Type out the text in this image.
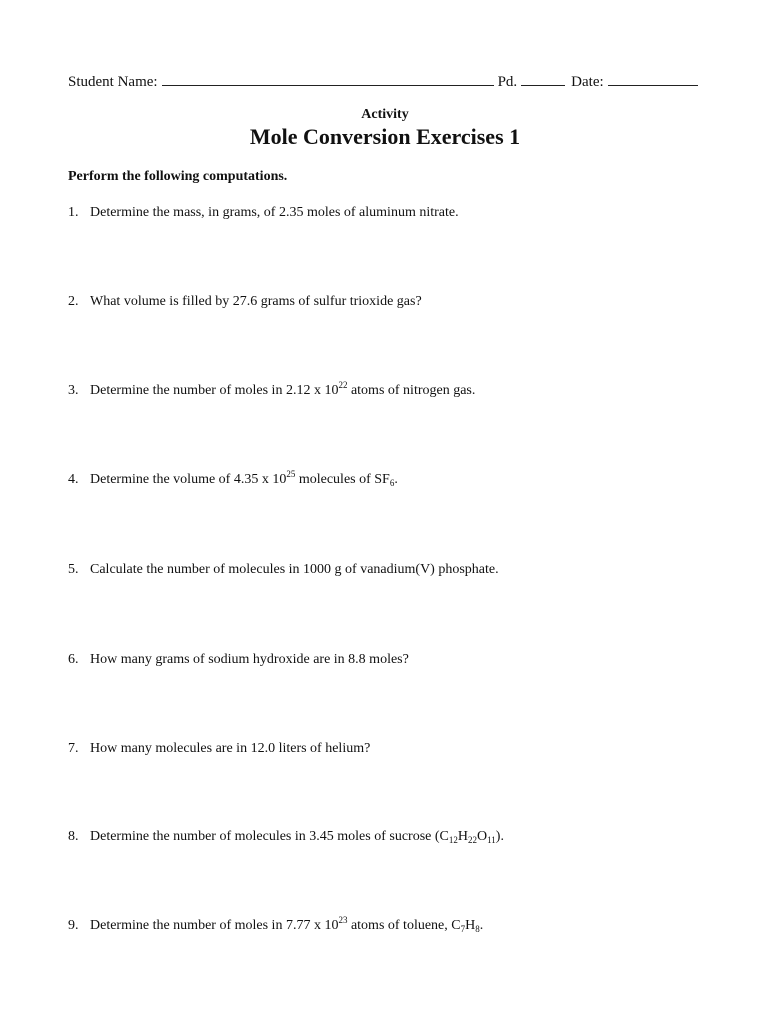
Student Name:	Pd.	Date:
Activity
Mole Conversion Exercises 1
Perform the following computations.
1. Determine the mass, in grams, of 2.35 moles of aluminum nitrate.
2. What volume is filled by 27.6 grams of sulfur trioxide gas?
3. Determine the number of moles in 2.12 x $10^{22}$ atoms of nitrogen gas.
4. Determine the volume of 4.35 x $10^{25}$ molecules of $SF_6$.
5. Calculate the number of molecules in 1000 g of vanadium(V) phosphate.
6. How many grams of sodium hydroxide are in 8.8 moles?
7. How many molecules are in 12.0 liters of helium?
8. Determine the number of molecules in 3.45 moles of sucrose $(C_{12}H_{22}O_{11})$.
9. Determine the number of moles in 7.77 x $10^{23}$ atoms of toluene, $C_7H_8$.
